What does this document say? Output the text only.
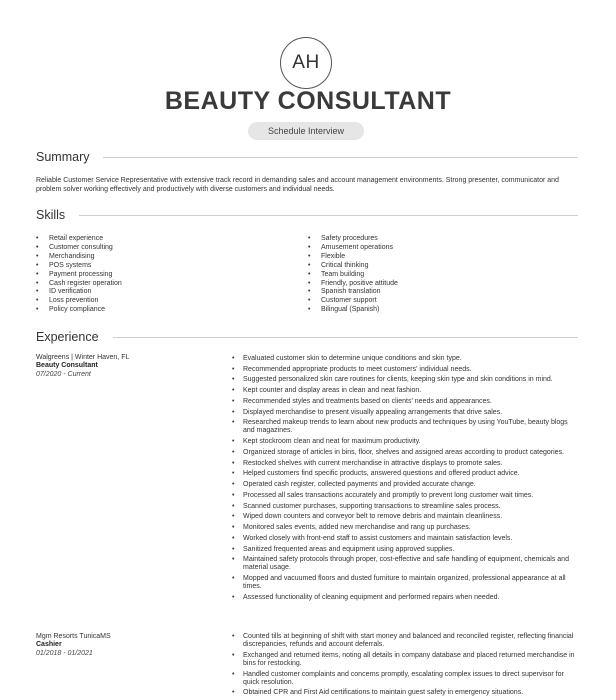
AH
BEAUTY CONSULTANT
Schedule Interview
Summary

Reliable Customer Service Representative with extensive track record in demanding sales and account management environments. Strong presenter, communicator and problem solver working effectively and productively with diverse customers and individual needs.

Skills
• Retail experience
• Customer consulting
• Merchandising
• POS systems
• Payment processing
• Cash register operation
• ID verification
• Loss prevention
• Policy compliance
• Safety procedures
• Amusement operations
• Flexible
• Critical thinking
• Team building
• Friendly, positive attitude
• Spanish translation
• Customer support
• Bilingual (Spanish)
Experience
Walgreens | Winter Haven, FL
Beauty Consultant
07/2020 - Current
• Evaluated customer skin to determine unique conditions and skin type.
• Recommended appropriate products to meet customers' individual needs.
• Suggested personalized skin care routines for clients, keeping skin type and skin conditions in mind.
• Kept counter and display areas in clean and neat fashion.
• Recommended styles and treatments based on clients' needs and appearances.
• Displayed merchandise to present visually appealing arrangements that drive sales.
• Researched makeup trends to learn about new products and techniques by using YouTube, beauty blogs and magazines.
• Kept stockroom clean and neat for maximum productivity.
• Organized storage of articles in bins, floor, shelves and assigned areas according to product categories.
• Restocked shelves with current merchandise in attractive displays to promote sales.
• Helped customers find specific products, answered questions and offered product advice.
• Operated cash register, collected payments and provided accurate change.
• Processed all sales transactions accurately and promptly to prevent long customer wait times.
• Scanned customer purchases, supporting transactions to streamline sales process.
• Wiped down counters and conveyor belt to remove debris and maintain cleanliness.
• Monitored sales events, added new merchandise and rang up purchases.
• Worked closely with front-end staff to assist customers and maintain satisfaction levels.
• Sanitized frequented areas and equipment using approved supplies.
• Maintained safety protocols through proper, cost-effective and safe handling of equipment, chemicals and material usage.
• Mopped and vacuumed floors and dusted furniture to maintain organized, professional appearance at all times.
• Assessed functionality of cleaning equipment and performed repairs when needed.
Mgm Resorts TunicaMS
Cashier
01/2018 - 01/2021
• Counted tills at beginning of shift with start money and balanced and reconciled register, reflecting financial discrepancies, refunds and account deferrals.
• Exchanged and returned items, noting all details in company database and placed returned merchandise in bins for restocking.
• Handled customer complaints and concerns promptly, escalating complex issues to direct supervisor for quick resolution.
• Obtained CPR and First Aid certifications to maintain guest safety in emergency situations.
